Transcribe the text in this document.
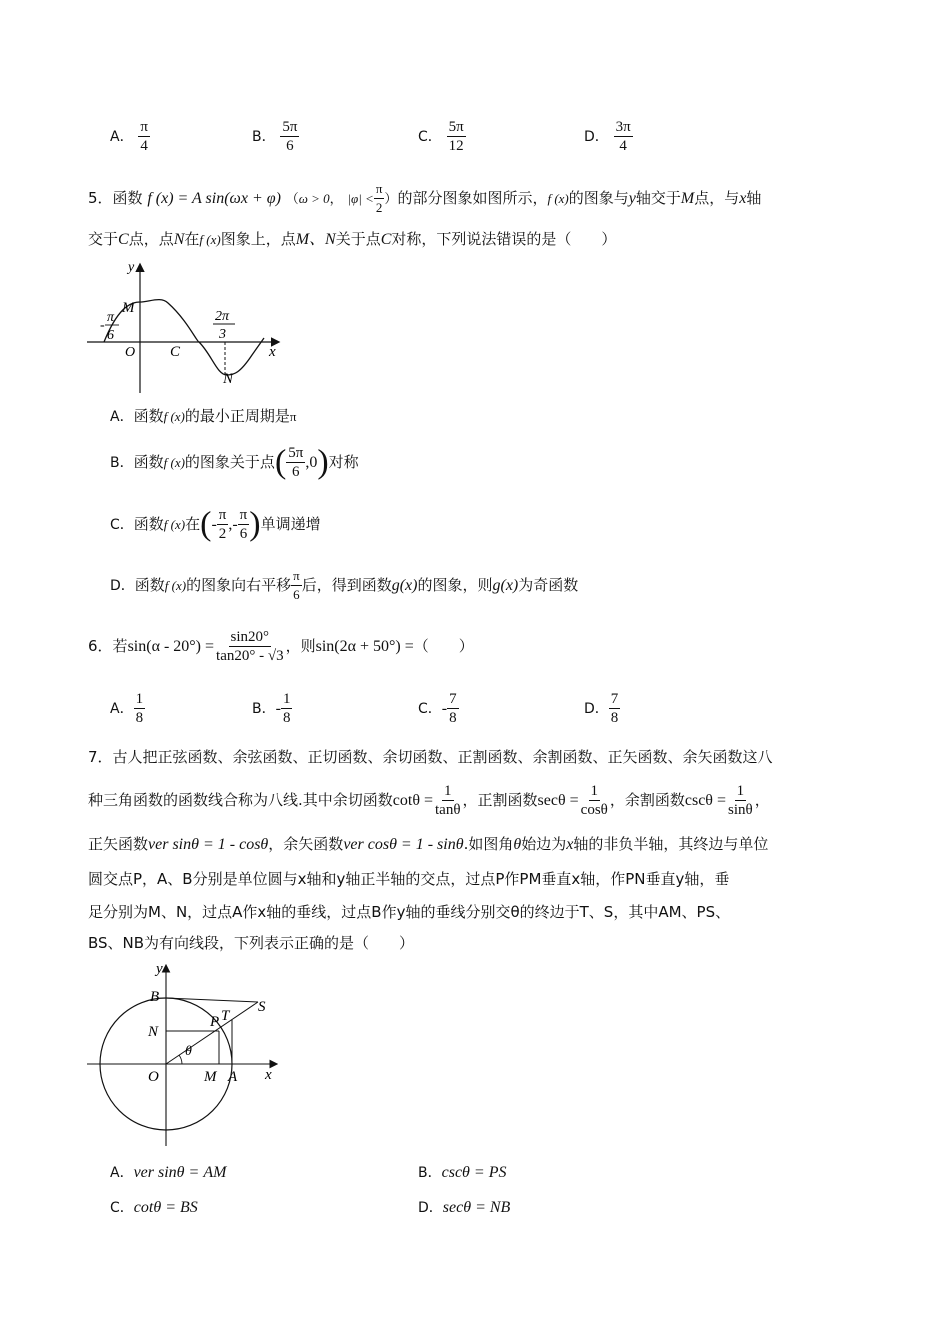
A． $\frac{\pi}{4}$	B． $\frac{5\pi}{6}$	C． $\frac{5\pi}{12}$	D． $\frac{3\pi}{4}$
5．函数 f (x) = A sin(ωx + φ) （ω > 0， $|\varphi| < \frac{\pi}{2}$ ）的部分图象如图所示，f (x)的图象与y轴交于M点，与x轴
交于C点，点N在f (x)图象上，点M、N关于点C对称，下列说法错误的是（　　）
y
M
-
π
6
O C
2π
3
x
N
A．函数f (x)的最小正周期是π
B．函数f (x)的图象关于点( $\frac{5\pi}{6} ,0$)对称
C．函数f (x)在(- $\frac{\pi}{2}$ ,- $\frac{\pi}{6}$ )单调递增
D．函数f (x)的图象向右平移 $\frac{\pi}{6}$ 后，得到函数g(x)的图象，则g(x)为奇函数
6．若$\sin(\alpha - 20^\circ) = \frac{\sin 20^\circ}{\tan 20^\circ - √3}$ ，则sin(2α + 50°) =（　　）
A． $\frac{1}{8}$	B．- $\frac{1}{8}$	C．- $\frac{7}{8}$	D． $\frac{7}{8}$
7．古人把正弦函数、余弦函数、正切函数、余切函数、正割函数、余割函数、正矢函数、余矢函数这八
种三角函数的函数线合称为八线.其中余切函数$\cot\theta = \frac{1}{\tan\theta}$ ，正割函数$\sec\theta = \frac{1}{\cos\theta}$ ，余割函数$\csc\theta = \frac{1}{\sin\theta}$ ，
正矢函数ver sinθ = 1 - cosθ，余矢函数ver cosθ = 1 - sinθ.如图角θ始边为x轴的非负半轴，其终边与单位
圆交点P，A、B分别是单位圆与x轴和y轴正半轴的交点，过点P作PM垂直x轴，作PN垂直y轴，垂
足分别为M、N，过点A作x轴的垂线，过点B作y轴的垂线分别交θ的终边于T、S，其中AM、PS、
BS、NB为有向线段，下列表示正确的是（　　）
y
B
S
P T
N
θ
O	M A x
A．ver sinθ = AM	B．cscθ = PS
C．cotθ = BS	D．secθ = NB
